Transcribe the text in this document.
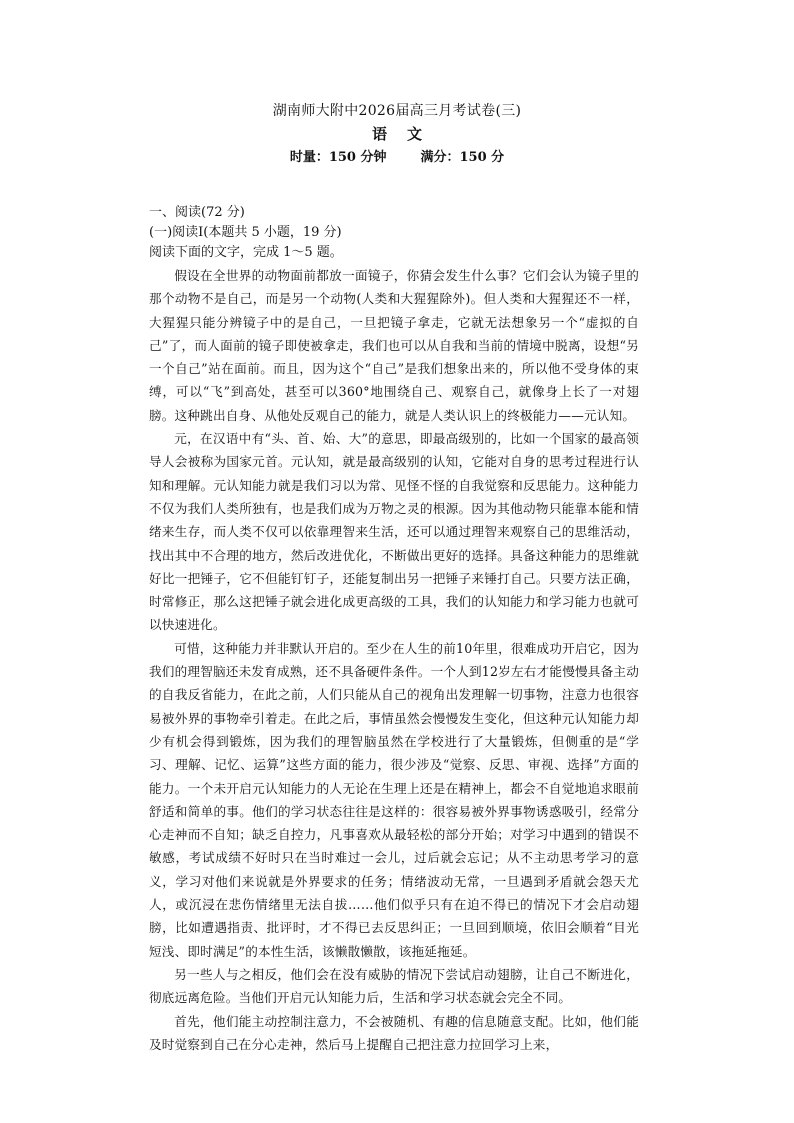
湖南师大附中2026届高三月考试卷(三)
语文
时量：150 分钟	满分：150 分
一、阅读(72 分)
(一)阅读Ⅰ(本题共 5 小题，19 分)
阅读下面的文字，完成 1～5 题。

假设在全世界的动物面前都放一面镜子，你猜会发生什么事？它们会认为镜子里的那个动物不是自己，而是另一个动物(人类和大猩猩除外)。但人类和大猩猩还不一样，大猩猩只能分辨镜子中的是自己，一旦把镜子拿走，它就无法想象另一个“虚拟的自己”了，而人面前的镜子即使被拿走，我们也可以从自我和当前的情境中脱离，设想“另一个自己”站在面前。而且，因为这个“自己”是我们想象出来的，所以他不受身体的束缚，可以“飞”到高处，甚至可以360°地围绕自己、观察自己，就像身上长了一对翅膀。这种跳出自身、从他处反观自己的能力，就是人类认识上的终极能力——元认知。

元，在汉语中有“头、首、始、大”的意思，即最高级别的，比如一个国家的最高领导人会被称为国家元首。元认知，就是最高级别的认知，它能对自身的思考过程进行认知和理解。元认知能力就是我们习以为常、见怪不怪的自我觉察和反思能力。这种能力不仅为我们人类所独有，也是我们成为万物之灵的根源。因为其他动物只能靠本能和情绪来生存，而人类不仅可以依靠理智来生活，还可以通过理智来观察自己的思维活动，找出其中不合理的地方，然后改进优化，不断做出更好的选择。具备这种能力的思维就好比一把锤子，它不但能钉钉子，还能复制出另一把锤子来锤打自己。只要方法正确，时常修正，那么这把锤子就会进化成更高级的工具，我们的认知能力和学习能力也就可以快速进化。

可惜，这种能力并非默认开启的。至少在人生的前10年里，很难成功开启它，因为我们的理智脑还未发育成熟，还不具备硬件条件。一个人到12岁左右才能慢慢具备主动的自我反省能力，在此之前，人们只能从自己的视角出发理解一切事物，注意力也很容易被外界的事物牵引着走。在此之后，事情虽然会慢慢发生变化，但这种元认知能力却少有机会得到锻炼，因为我们的理智脑虽然在学校进行了大量锻炼，但侧重的是“学习、理解、记忆、运算”这些方面的能力，很少涉及“觉察、反思、审视、选择”方面的能力。一个未开启元认知能力的人无论在生理上还是在精神上，都会不自觉地追求眼前舒适和简单的事。他们的学习状态往往是这样的：很容易被外界事物诱惑吸引，经常分心走神而不自知；缺乏自控力，凡事喜欢从最轻松的部分开始；对学习中遇到的错误不敏感，考试成绩不好时只在当时难过一会儿，过后就会忘记；从不主动思考学习的意义，学习对他们来说就是外界要求的任务；情绪波动无常，一旦遇到矛盾就会怨天尤人，或沉浸在悲伤情绪里无法自拔……他们似乎只有在迫不得已的情况下才会启动翅膀，比如遭遇指责、批评时，才不得已去反思纠正；一旦回到顺境，依旧会顺着“目光短浅、即时满足”的本性生活，该懒散懒散，该拖延拖延。

另一些人与之相反，他们会在没有威胁的情况下尝试启动翅膀，让自己不断进化，彻底远离危险。当他们开启元认知能力后，生活和学习状态就会完全不同。

首先，他们能主动控制注意力，不会被随机、有趣的信息随意支配。比如，他们能及时觉察到自己在分心走神，然后马上提醒自己把注意力拉回学习上来，
